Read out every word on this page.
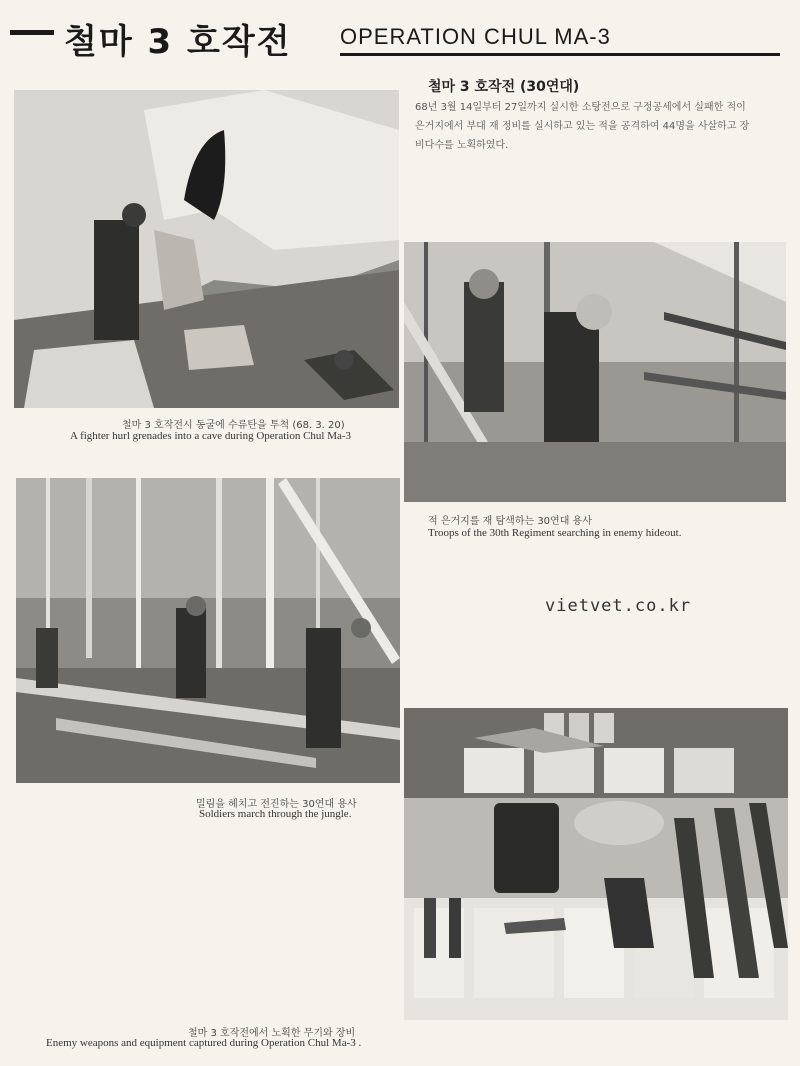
철마 3 호작전 OPERATION CHUL MA-3
철마 3 호작전시 동굴에 수류탄을 투척 (68. 3. 20)
A fighter hurl grenades into a cave during Operation Chul Ma-3
철마 3 호작전 (30연대)
68년 3월 14일부터 27일까지 실시한 소탕전으로 구정공세에서 실패한 적이 은거지에서 부대 재 정비를 실시하고 있는 적을 공격하여 44명을 사살하고 장비다수를 노획하였다.
적 은거지를 재 탐색하는 30연대 용사
Troops of the 30th Regiment searching in enemy hideout.
밀림을 헤치고 전진하는 30연대 용사
Soldiers march through the jungle.
vietvet.co.kr
철마 3 호작전에서 노획한 무기와 장비
Enemy weapons and equipment captured during Operation Chul Ma-3 .
